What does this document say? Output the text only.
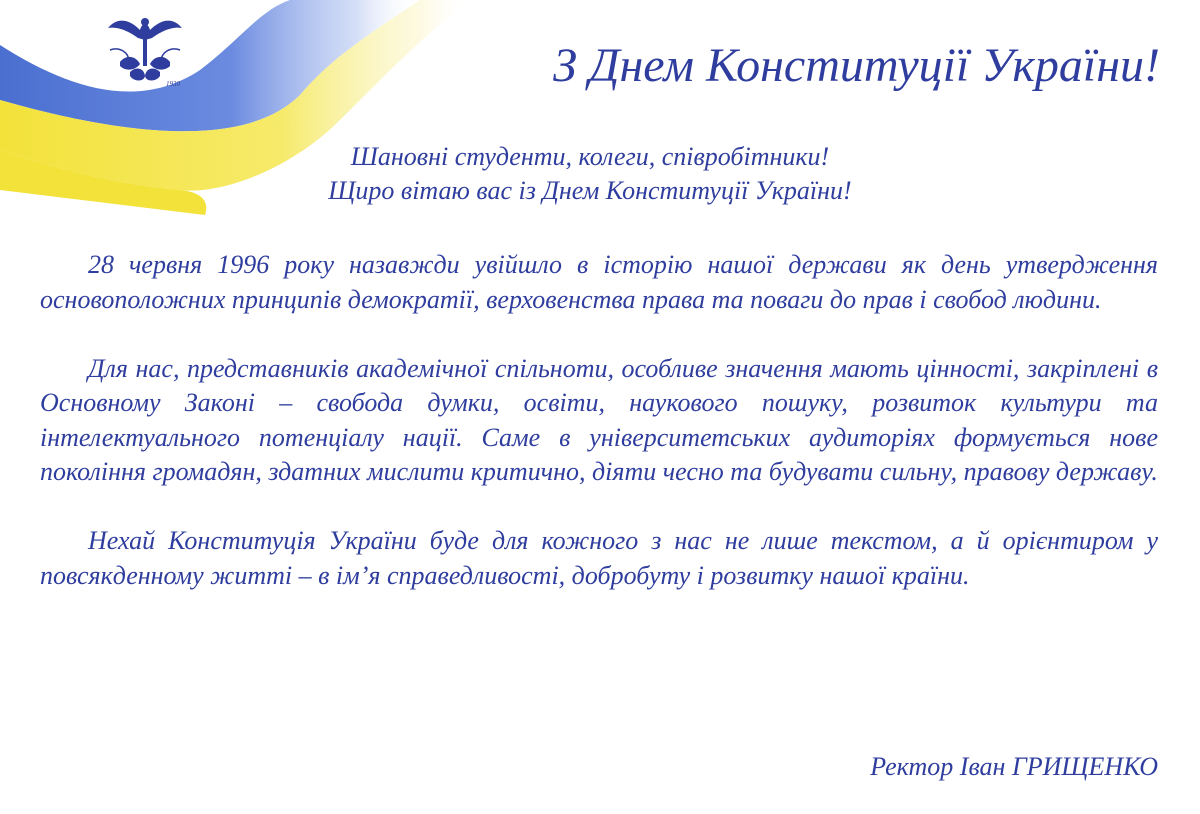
1930	З Днем Конституції України!
Шановні студенти, колеги, співробітники!
Щиро вітаю вас із Днем Конституції України!

28 червня 1996 року назавжди увійшло в історію нашої держави як день утвердження основоположних принципів демократії, верховенства права та поваги до прав і свобод людини.

Для нас, представників академічної спільноти, особливе значення мають цінності, закріплені в Основному Законі – свобода думки, освіти, наукового пошуку, розвиток культури та інтелектуального потенціалу нації. Саме в університетських аудиторіях формується нове покоління громадян, здатних мислити критично, діяти чесно та будувати сильну, правову державу.

Нехай Конституція України буде для кожного з нас не лише текстом, а й орієнтиром у повсякденному житті – в ім’я справедливості, добробуту і розвитку нашої країни.

Ректор Іван ГРИЩЕНКО
